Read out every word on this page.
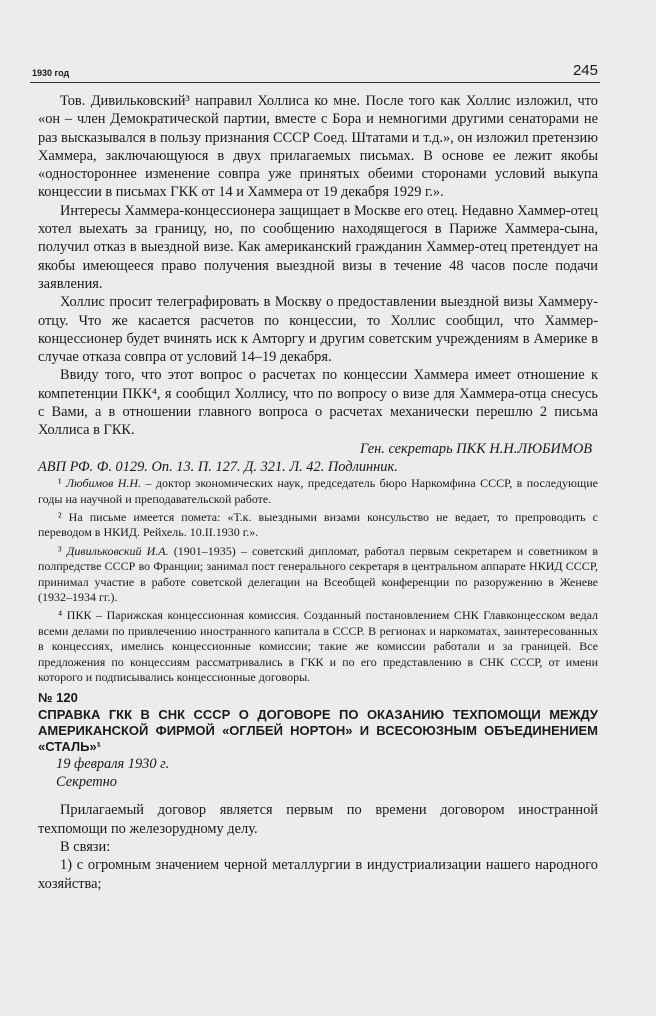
1930 год	245

Тов. Дивильковский³ направил Холлиса ко мне. После того как Холлис изложил, что «он – член Демократической партии, вместе с Бора и немногими другими сенаторами не раз высказывался в пользу признания СССР Соед. Штатами и т.д.», он изложил претензию Хаммера, заключающуюся в двух прилагаемых письмах. В основе ее лежит якобы «одностороннее изменение совпра уже принятых обеими сторонами условий выкупа концессии в письмах ГКК от 14 и Хаммера от 19 декабря 1929 г.».

Интересы Хаммера-концессионера защищает в Москве его отец. Недавно Хаммер-отец хотел выехать за границу, но, по сообщению находящегося в Париже Хаммера-сына, получил отказ в выездной визе. Как американский гражданин Хаммер-отец претендует на якобы имеющееся право получения выездной визы в течение 48 часов после подачи заявления.

Холлис просит телеграфировать в Москву о предоставлении выездной визы Хаммеру-отцу. Что же касается расчетов по концессии, то Холлис сообщил, что Хаммер-концессионер будет вчинять иск к Амторгу и другим советским учреждениям в Америке в случае отказа совпра от условий 14–19 декабря.

Ввиду того, что этот вопрос о расчетах по концессии Хаммера имеет отношение к компетенции ПКК⁴, я сообщил Холлису, что по вопросу о визе для Хаммера-отца снесусь с Вами, а в отношении главного вопроса о расчетах механически перешлю 2 письма Холлиса в ГКК.

Ген. секретарь ПКК Н.Н.ЛЮБИМОВ

АВП РФ. Ф. 0129. Оп. 13. П. 127. Д. 321. Л. 42. Подлинник.

¹ Любимов Н.Н. – доктор экономических наук, председатель бюро Наркомфина СССР, в последующие годы на научной и преподавательской работе.

² На письме имеется помета: «Т.к. выездными визами консульство не ведает, то препроводить с переводом в НКИД. Рейхель. 10.II.1930 г.».

³ Дивильковский И.А. (1901–1935) – советский дипломат, работал первым секретарем и советником в полпредстве СССР во Франции; занимал пост генерального секретаря в центральном аппарате НКИД СССР, принимал участие в работе советской делегации на Всеобщей конференции по разоружению в Женеве (1932–1934 гг.).

⁴ ПКК – Парижская концессионная комиссия. Созданный постановлением СНК Главконцесском ведал всеми делами по привлечению иностранного капитала в СССР. В регионах и наркоматах, заинтересованных в концессиях, имелись концессионные комиссии; такие же комиссии работали и за границей. Все предложения по концессиям рассматривались в ГКК и по его представлению в СНК СССР, от имени которого и подписывались концессионные договоры.

№ 120

СПРАВКА ГКК В СНК СССР О ДОГОВОРЕ ПО ОКАЗАНИЮ ТЕХПОМОЩИ МЕЖДУ АМЕРИКАНСКОЙ ФИРМОЙ «ОГЛБЕЙ НОРТОН» И ВСЕСОЮЗНЫМ ОБЪЕДИНЕНИЕМ «СТАЛЬ»¹

19 февраля 1930 г.

Секретно

Прилагаемый договор является первым по времени договором иностранной техпомощи по железорудному делу.

В связи:

1) с огромным значением черной металлургии в индустриализации нашего народного хозяйства;
